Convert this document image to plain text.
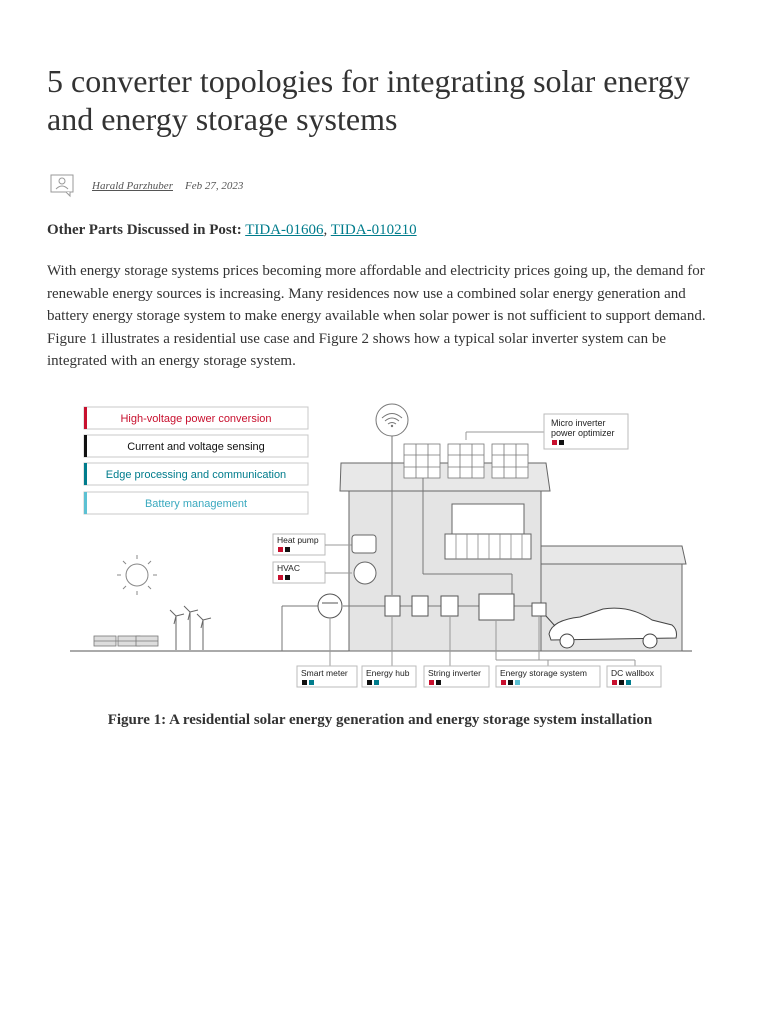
5 converter topologies for integrating solar energy and energy storage systems
Harald Parzhuber Feb 27, 2023

Other Parts Discussed in Post: TIDA-01606, TIDA-010210

With energy storage systems prices becoming more affordable and electricity prices going up, the demand for renewable energy sources is increasing. Many residences now use a combined solar energy generation and battery energy storage system to make energy available when solar power is not sufficient to support demand. Figure 1 illustrates a residential use case and Figure 2 shows how a typical solar inverter system can be integrated with an energy storage system.

High-voltage power conversion
Current and voltage sensing
Edge processing and communication
Battery management
Micro inverter
power optimizer
Heat pump
HVAC
Smart meter Energy hub String inverter Energy storage system	DC wallbox

Figure 1: A residential solar energy generation and energy storage system installation
